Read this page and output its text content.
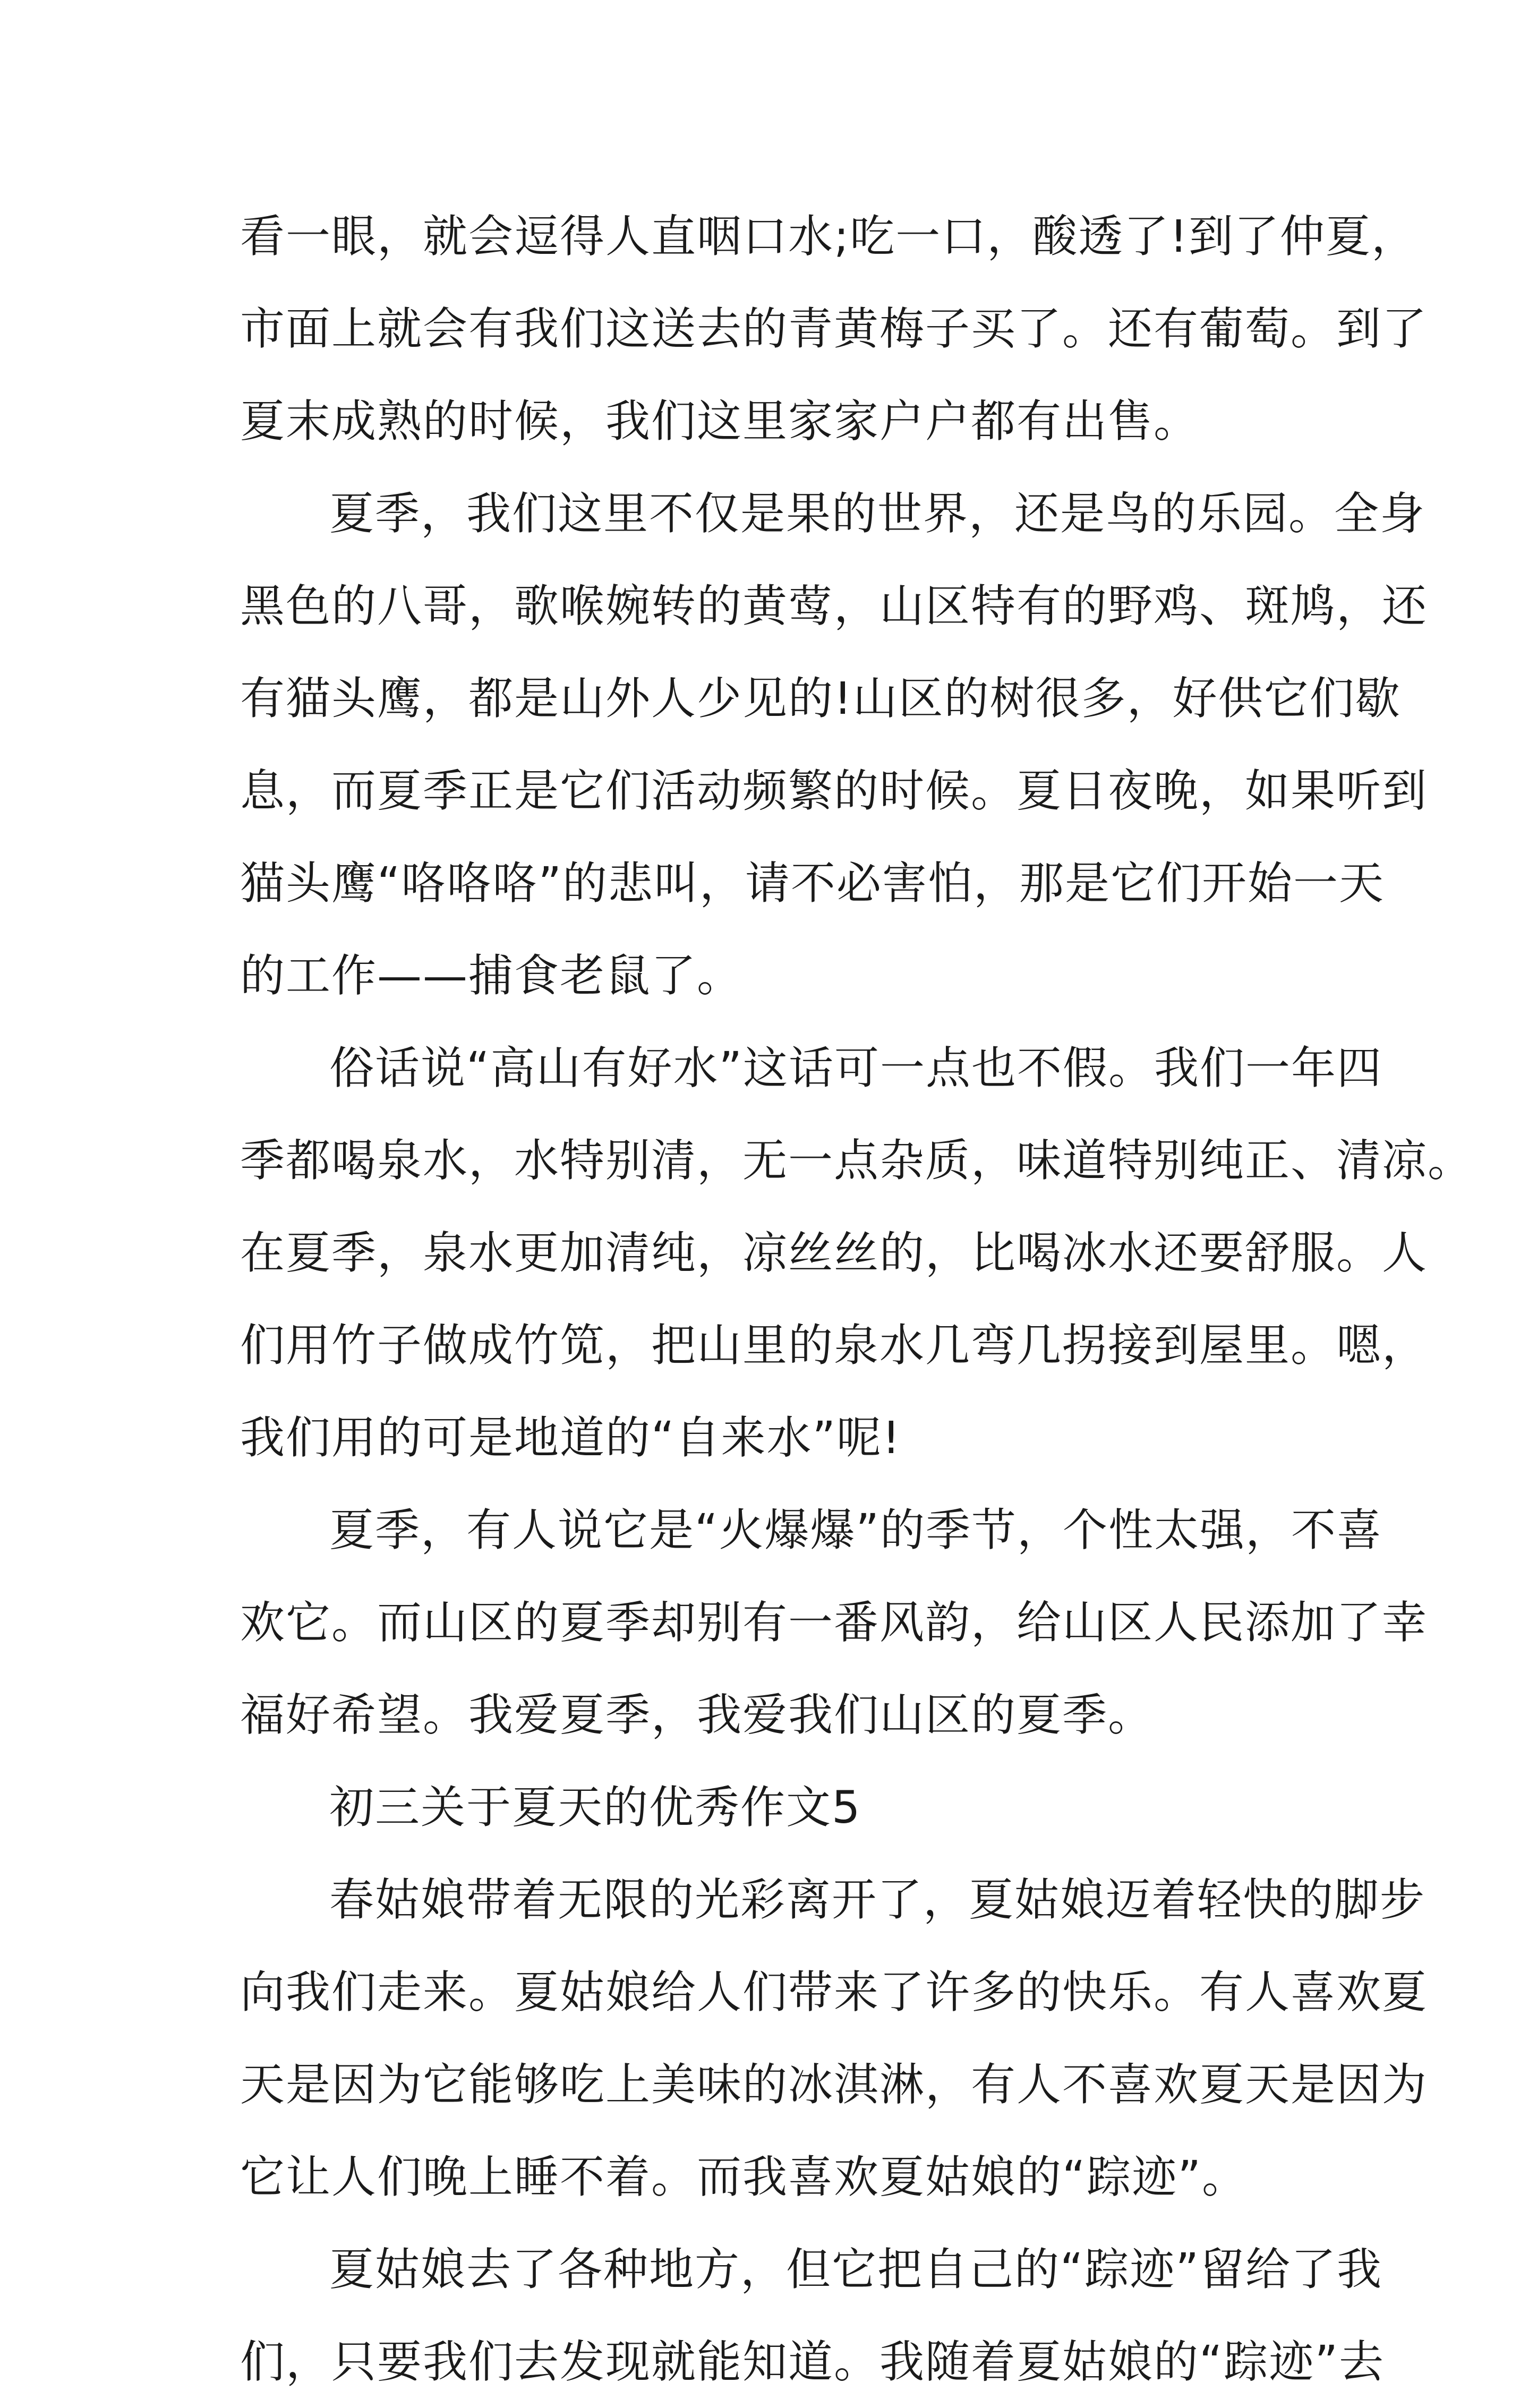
看一眼，就会逗得人直咽口水;吃一口，酸透了!到了仲夏，
市面上就会有我们这送去的青黄梅子买了。还有葡萄。到了
夏末成熟的时候，我们这里家家户户都有出售。
夏季，我们这里不仅是果的世界，还是鸟的乐园。全身
黑色的八哥，歌喉婉转的黄莺，山区特有的野鸡、斑鸠，还
有猫头鹰，都是山外人少见的!山区的树很多，好供它们歇
息，而夏季正是它们活动频繁的时候。夏日夜晚，如果听到
猫头鹰“咯咯咯”的悲叫，请不必害怕，那是它们开始一天
的工作——捕食老鼠了。
俗话说“高山有好水”这话可一点也不假。我们一年四
季都喝泉水，水特别清，无一点杂质，味道特别纯正、清凉。
在夏季，泉水更加清纯，凉丝丝的，比喝冰水还要舒服。人
们用竹子做成竹笕，把山里的泉水几弯几拐接到屋里。嗯，
我们用的可是地道的“自来水”呢!
夏季，有人说它是“火爆爆”的季节，个性太强，不喜
欢它。而山区的夏季却别有一番风韵，给山区人民添加了幸
福好希望。我爱夏季，我爱我们山区的夏季。
初三关于夏天的优秀作文5
春姑娘带着无限的光彩离开了，夏姑娘迈着轻快的脚步
向我们走来。夏姑娘给人们带来了许多的快乐。有人喜欢夏
天是因为它能够吃上美味的冰淇淋，有人不喜欢夏天是因为
它让人们晚上睡不着。而我喜欢夏姑娘的“踪迹”。
夏姑娘去了各种地方，但它把自己的“踪迹”留给了我
们，只要我们去发现就能知道。我随着夏姑娘的“踪迹”去
